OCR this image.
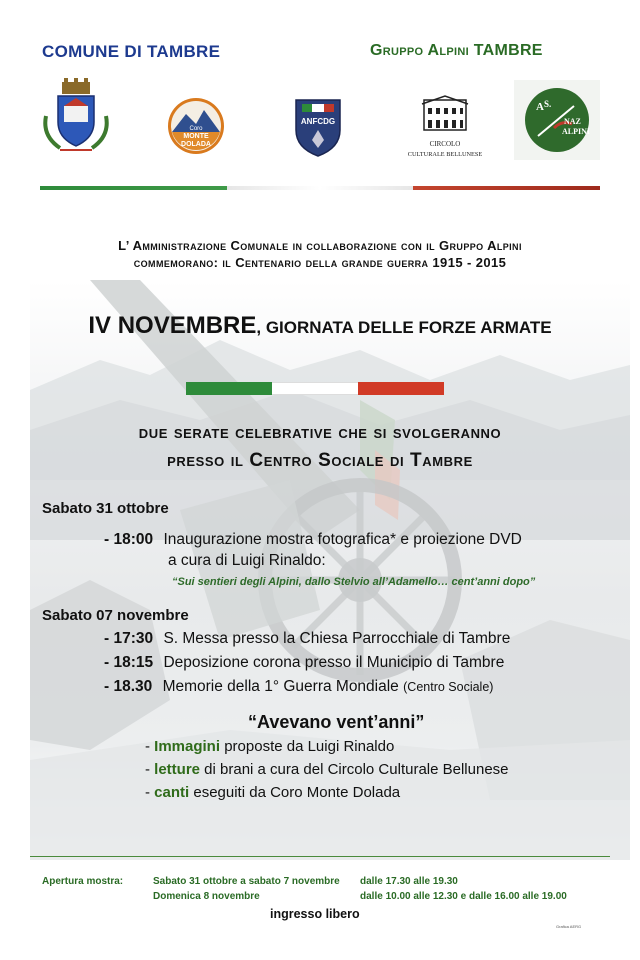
COMUNE DI TAMBRE	Gruppo Alpini TAMBRE
Coro
MONTE
DOLADA
ANFCDG
CIRCOLO
CULTURALE BELLUNESE
A S.
NAZ
ALPINI
L’ Amministrazione Comunale in collaborazione con il Gruppo Alpini
commemorano: il Centenario della grande guerra 1915 - 2015
IV NOVEMBRE, GIORNATA DELLE FORZE ARMATE
due serate celebrative che si svolgeranno
presso il Centro Sociale di Tambre
Sabato 31 ottobre
- 18:00 Inaugurazione mostra fotografica* e proiezione DVD
a cura di Luigi Rinaldo:
“Sui sentieri degli Alpini, dallo Stelvio all’Adamello… cent’anni dopo”
Sabato 07 novembre
- 17:30 S. Messa presso la Chiesa Parrocchiale di Tambre
- 18:15 Deposizione corona presso il Municipio di Tambre
- 18.30 Memorie della 1° Guerra Mondiale (Centro Sociale)
“Avevano vent’anni”
- Immagini proposte da Luigi Rinaldo
- letture di brani a cura del Circolo Culturale Bellunese
- canti eseguiti da Coro Monte Dolada
Apertura mostra:	Sabato 31 ottobre a sabato 7 novembre dalle 17.30 alle 19.30
Domenica 8 novembre	dalle 10.00 alle 12.30 e dalle 16.00 alle 19.00
ingresso libero
Grafica AERG
